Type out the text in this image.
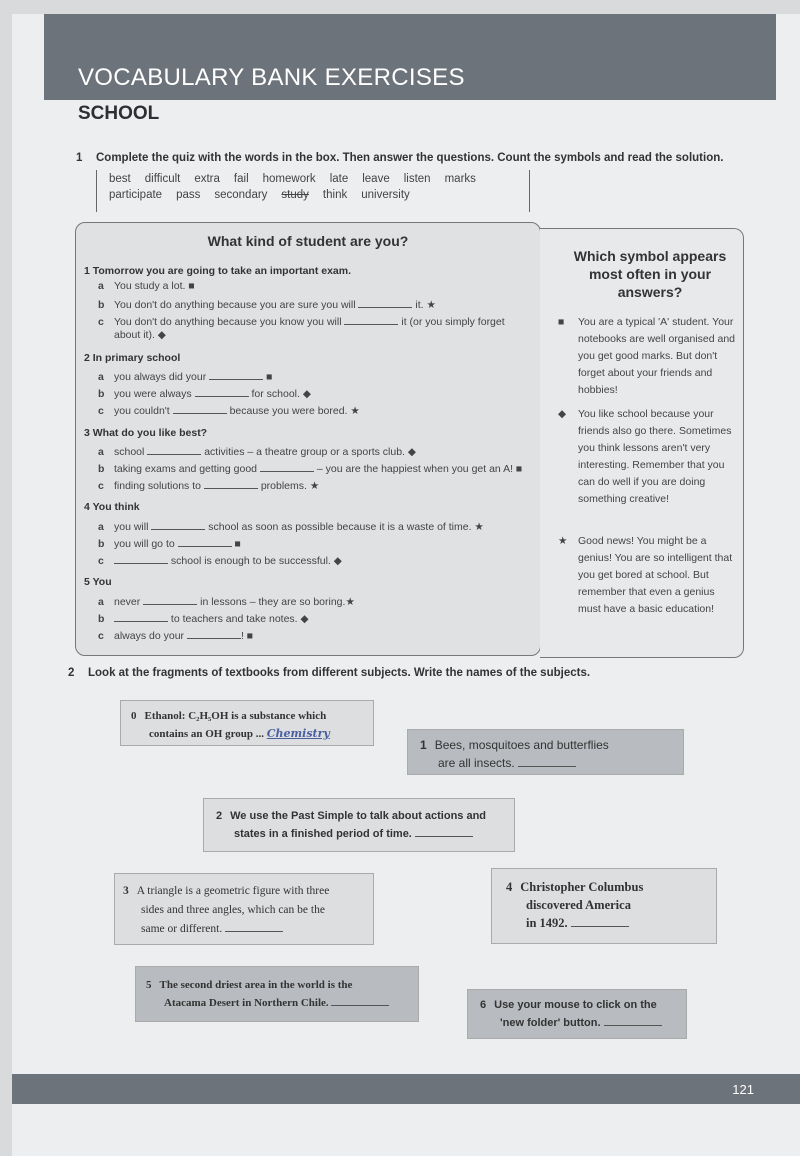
VOCABULARY BANK EXERCISES
SCHOOL
1 Complete the quiz with the words in the box. Then answer the questions. Count the symbols and read the solution.
best difficult extra fail homework late leave listen marks
participate pass secondary study think university
What kind of student are you?
1 Tomorrow you are going to take an important exam.
a You study a lot. ■
b You don't do anything because you are sure you will	it. ★
c You don't do anything because you know you will	it (or you simply forget
about it). ◆
2 In primary school
a you always did your	■
b you were always	for school. ◆
c you couldn't	because you were bored. ★
3 What do you like best?
a school	activities – a theatre group or a sports club. ◆
b taking exams and getting good	– you are the happiest when you get an A! ■
c finding solutions to	problems. ★
4 You think
a you will	school as soon as possible because it is a waste of time. ★
b you will go to	■
c	school is enough to be successful. ◆
5 You
a never	in lessons – they are so boring.★
b	to teachers and take notes. ◆
c always do your	! ■
Which symbol appears most often in your answers?
■	You are a typical 'A' student. Your notebooks are well organised and you get good marks. But don't forget about your friends and hobbies!
◆	You like school because your friends also go there. Sometimes you think lessons aren't very interesting. Remember that you can do well if you are doing something creative!
★	Good news! You might be a genius! You are so intelligent that you get bored at school. But remember that even a genius must have a basic education!
2 Look at the fragments of textbooks from different subjects. Write the names of the subjects.
0 Ethanol: C₂H₅OH is a substance which
contains an OH group ... Chemistry
1 Bees, mosquitoes and butterflies
are all insects.
2 We use the Past Simple to talk about actions and
states in a finished period of time.
3 A triangle is a geometric figure with three
sides and three angles, which can be the
same or different.
4 Christopher Columbus
discovered America
in 1492.
5 The second driest area in the world is the
Atacama Desert in Northern Chile.	6 Use your mouse to click on the
'new folder' button.
121
